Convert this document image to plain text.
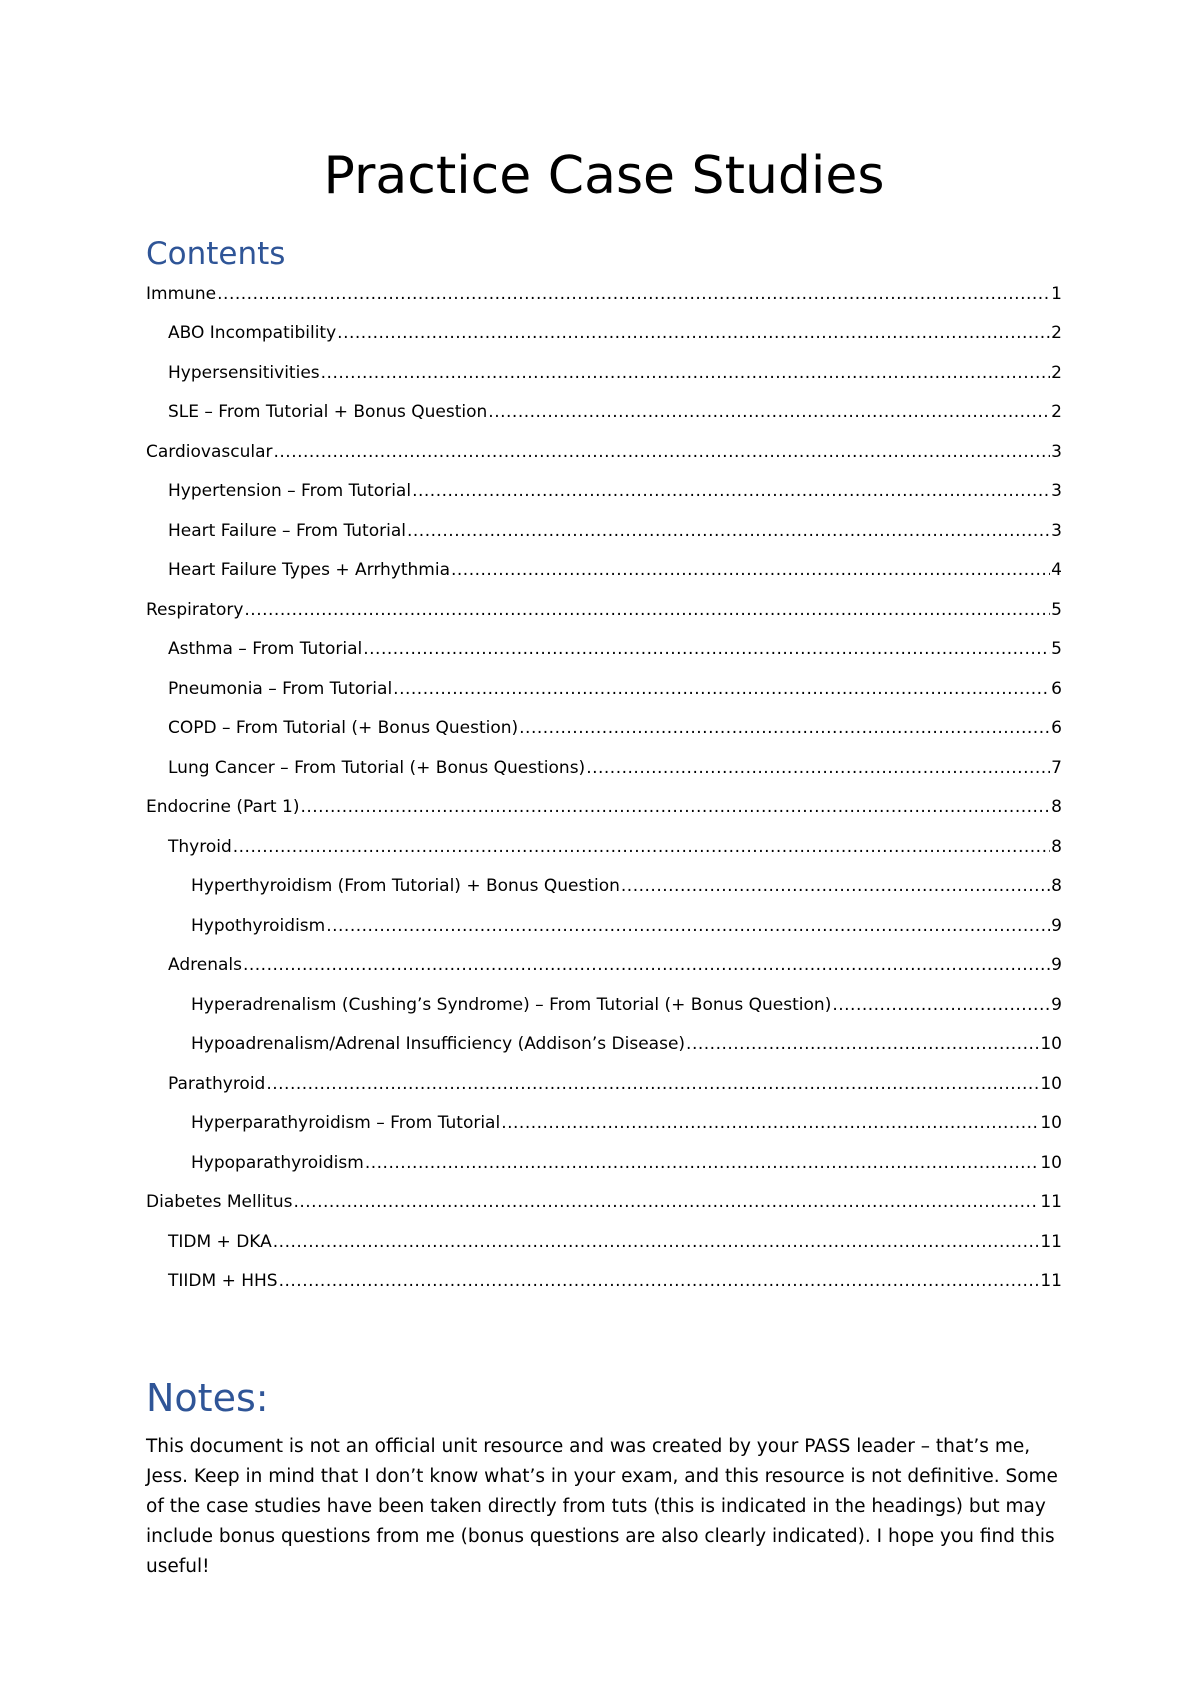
Practice Case Studies
Contents
Immune .....	1
ABO Incompatibility .....	2
Hypersensitivities .....	2
SLE – From Tutorial + Bonus Question .....	2
Cardiovascular .....	3
Hypertension – From Tutorial .....	3
Heart Failure – From Tutorial .....	3
Heart Failure Types + Arrhythmia .....	4
Respiratory .....	5
Asthma – From Tutorial .....	5
Pneumonia – From Tutorial .....	6
COPD – From Tutorial (+ Bonus Question) .....	6
Lung Cancer – From Tutorial (+ Bonus Questions) .....	7
Endocrine (Part 1) .....	8
Thyroid .....	8
Hyperthyroidism (From Tutorial) + Bonus Question .....	8
Hypothyroidism .....	9
Adrenals .....	9
Hyperadrenalism (Cushing’s Syndrome) – From Tutorial (+ Bonus Question) .....	9
Hypoadrenalism/Adrenal Insufficiency (Addison’s Disease) .....	10
Parathyroid .....	10
Hyperparathyroidism – From Tutorial .....	10
Hypoparathyroidism .....	10
Diabetes Mellitus .....	11
TIDM + DKA .....	11
TIIDM + HHS .....	11
Notes:

This document is not an official unit resource and was created by your PASS leader – that’s me, Jess. Keep in mind that I don’t know what’s in your exam, and this resource is not definitive. Some of the case studies have been taken directly from tuts (this is indicated in the headings) but may include bonus questions from me (bonus questions are also clearly indicated). I hope you find this useful!
